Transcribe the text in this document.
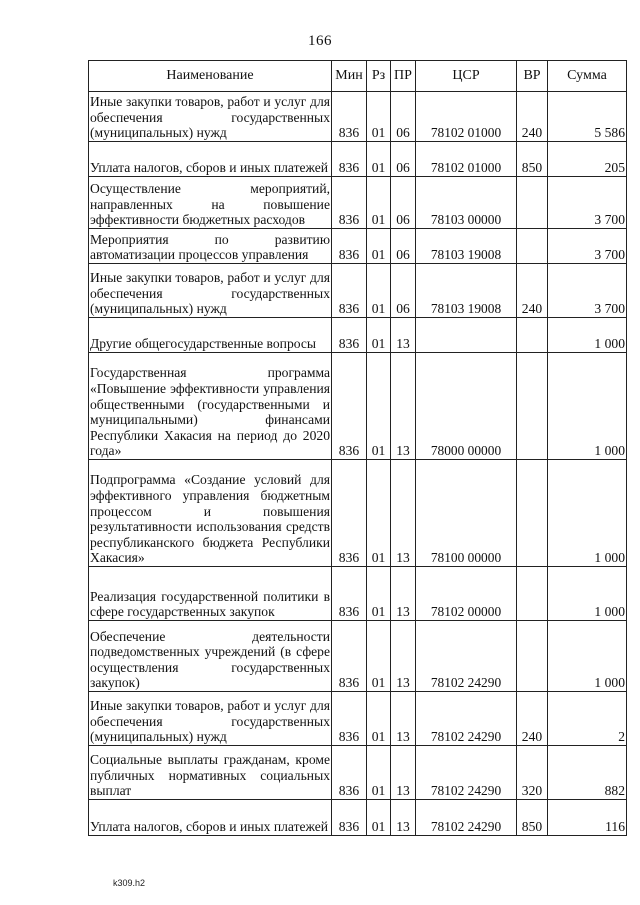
166
Наименование	Мин	Рз	ПР	ЦСР	ВР	Сумма
Иные закупки товаров, работ и услуг для обеспечения государственных (муниципальных) нужд	836	01	06	78102 01000	240	5 586
Уплата налогов, сборов и иных платежей	836	01	06	78102 01000	850	205
Осуществление мероприятий, направленных на повышение эффективности бюджетных расходов	836	01	06	78103 00000		3 700
Мероприятия по развитию автоматизации процессов управления	836	01	06	78103 19008		3 700
Иные закупки товаров, работ и услуг для обеспечения государственных (муниципальных) нужд	836	01	06	78103 19008	240	3 700
Другие общегосударственные вопросы	836	01	13			1 000
Государственная программа «Повышение эффективности управления общественными (государственными и муниципальными) финансами Республики Хакасия на период до 2020 года»	836	01	13	78000 00000		1 000
Подпрограмма «Создание условий для эффективного управления бюджетным процессом и повышения результативности использования средств республиканского бюджета Республики Хакасия»	836	01	13	78100 00000		1 000
Реализация государственной политики в сфере государственных закупок	836	01	13	78102 00000		1 000
Обеспечение деятельности подведомственных учреждений (в сфере осуществления государственных закупок)	836	01	13	78102 24290		1 000
Иные закупки товаров, работ и услуг для обеспечения государственных (муниципальных) нужд	836	01	13	78102 24290	240	2
Социальные выплаты гражданам, кроме публичных нормативных социальных выплат	836	01	13	78102 24290	320	882
Уплата налогов, сборов и иных платежей	836	01	13	78102 24290	850	116
k309.h2
